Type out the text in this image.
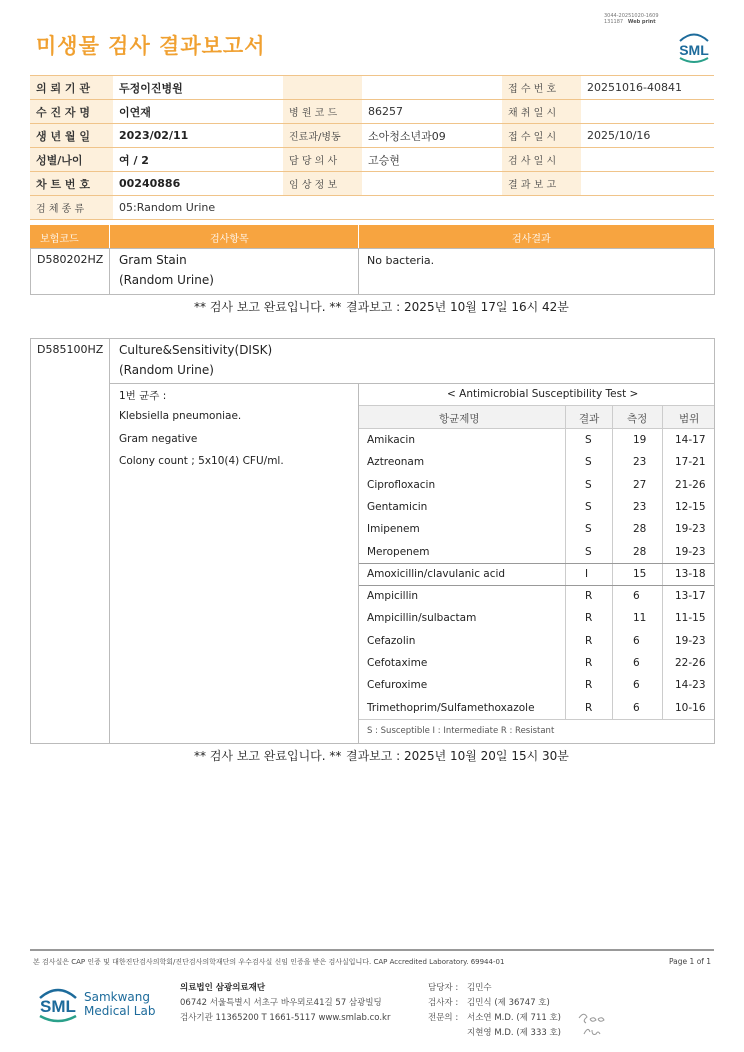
미생물 검사 결과보고서
3044-20251020-1609
131187 Web print
SML
의 뢰 기 관	두정이진병원			접 수 번 호	20251016-40841
수 진 자 명	이연재	병 원 코 드	86257	채 취 일 시	
생 년 월 일	2023/02/11	진료과/병동	소아청소년과09	접 수 일 시	2025/10/16
성별/나이	여 / 2	담 당 의 사	고승현	검 사 일 시	
차 트 번 호	00240886	임 상 정 보		결 과 보 고	
검 체 종 류	05:Random Urine				
보험코드	검사항목	검사결과
D580202HZ Gram Stain
(Random Urine)
No bacteria.
** 검사 보고 완료입니다. ** 결과보고 : 2025년 10월 17일 16시 42분
D585100HZ Culture&Sensitivity(DISK)
(Random Urine)
1번 균주 :
Klebsiella pneumoniae.
Gram negative
Colony count ; 5x10(4) CFU/ml.
< Antimicrobial Susceptibility Test >
항균제명	결과	측정	범위
Amikacin	S	19	14-17
Aztreonam	S	23	17-21
Ciprofloxacin	S	27	21-26
Gentamicin	S	23	12-15
Imipenem	S	28	19-23
Meropenem	S	28	19-23
Amoxicillin/clavulanic acid	I	15	13-18
Ampicillin	R	6	13-17
Ampicillin/sulbactam	R	11	11-15
Cefazolin	R	6	19-23
Cefotaxime	R	6	22-26
Cefuroxime	R	6	14-23
Trimethoprim/Sulfamethoxazole	R	6	10-16
S : Susceptible I : Intermediate R : Resistant
** 검사 보고 완료입니다. ** 결과보고 : 2025년 10월 20일 15시 30분
본 검사실은 CAP 인증 및 대한진단검사의학회/진단검사의학재단의 우수검사실 신임 인증을 받은 검사실입니다. CAP Accredited Laboratory. 69944-01	Page 1 of 1
SML Samkwang
Medical Lab
의료법인 삼광의료재단
06742 서울특별시 서초구 바우뫼로41길 57 삼광빌딩
검사기관 11365200 T 1661-5117 www.smlab.co.kr
담당자 : 김민수
검사자 : 김민식 (제 36747 호)
전문의 : 서소연 M.D. (제 711 호)
지현영 M.D. (제 333 호)
